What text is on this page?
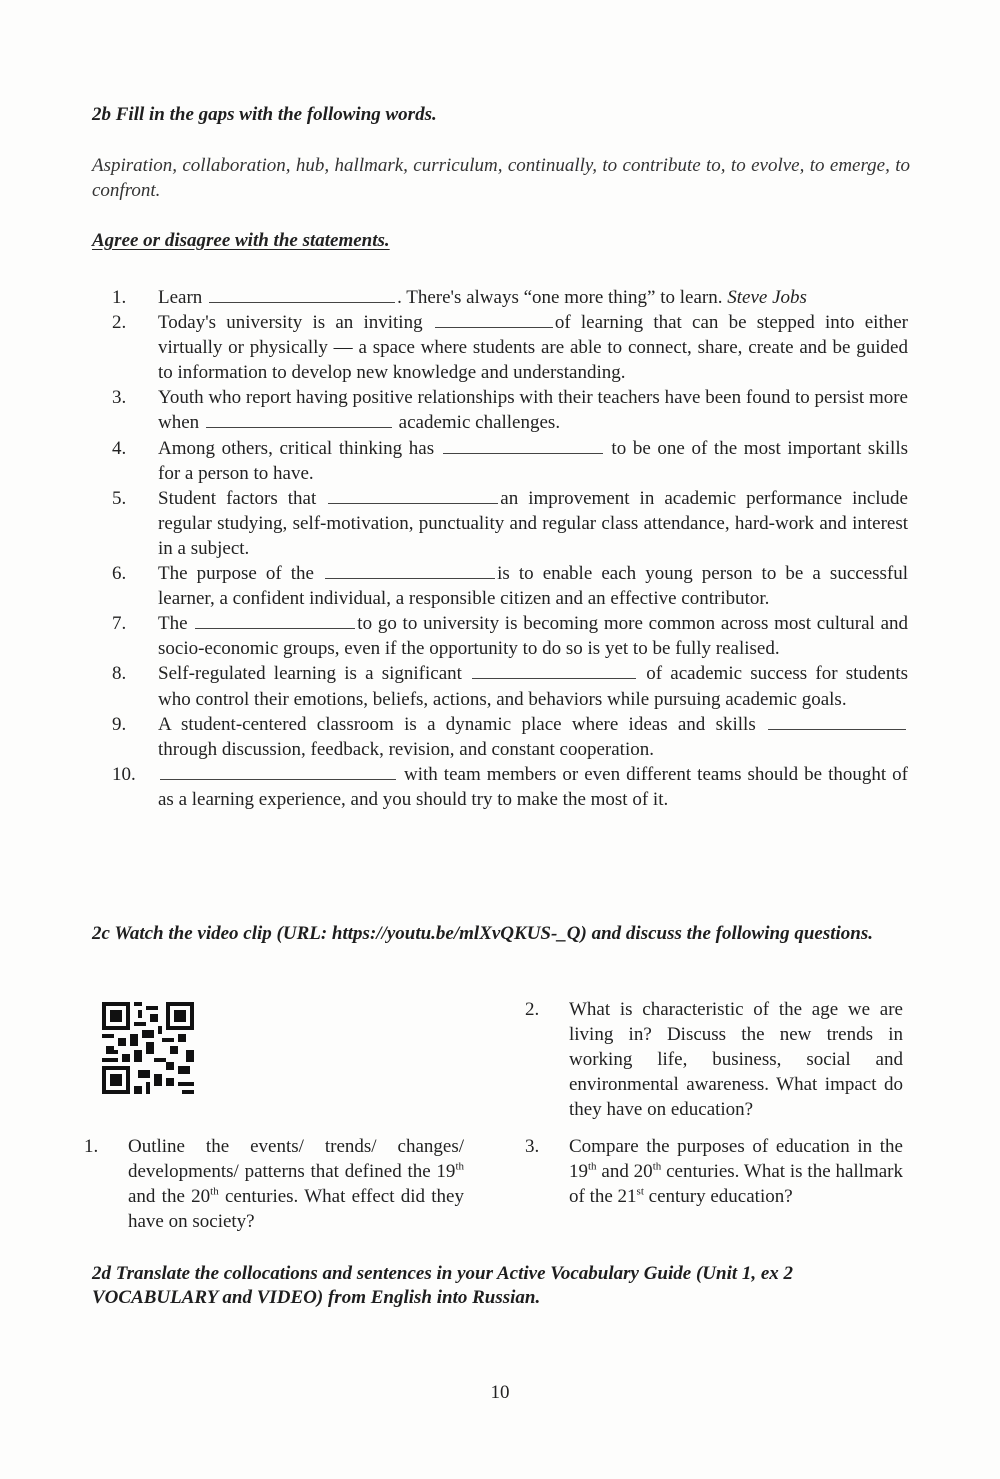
2b Fill in the gaps with the following words.
Aspiration, collaboration, hub, hallmark, curriculum, continually, to contribute to, to evolve, to emerge, to confront.
Agree or disagree with the statements.
1.	Learn	. There's always “one more thing” to learn. Steve Jobs
2.	Today's university is an inviting	of learning that can be stepped into either virtually or physically — a space where students are able to connect, share, create and be guided to information to develop new knowledge and understanding.
3.	Youth who report having positive relationships with their teachers have been found to persist more when	academic challenges.
4.	Among others, critical thinking has	to be one of the most important skills for a person to have.
5.	Student factors that	an improvement in academic performance include regular studying, self-motivation, punctuality and regular class attendance, hard-work and interest in a subject.
6.	The purpose of the	is to enable each young person to be a successful learner, a confident individual, a responsible citizen and an effective contributor.
7.	The	to go to university is becoming more common across most cultural and socio-economic groups, even if the opportunity to do so is yet to be fully realised.
8.	Self-regulated learning is a significant	of academic success for students who control their emotions, beliefs, actions, and behaviors while pursuing academic goals.
9.	A student-centered classroom is a dynamic place where ideas and skills  through discussion, feedback, revision, and constant cooperation.
10.	with team members or even different teams should be thought of as a learning experience, and you should try to make the most of it.
2c Watch the video clip (URL: https://youtu.be/mlXvQKUS-_Q) and discuss the following questions.
1.	Outline the events/ trends/ changes/ developments/ patterns that defined the 19th and the 20th centuries. What effect did they have on society?
2.	What is characteristic of the age we are living in? Discuss the new trends in working life, business, social and environmental awareness. What impact do they have on education?
3.	Compare the purposes of education in the 19th and 20th centuries. What is the hallmark of the 21st century education?
2d Translate the collocations and sentences in your Active Vocabulary Guide (Unit 1, ex 2 VOCABULARY and VIDEO) from English into Russian.
10
